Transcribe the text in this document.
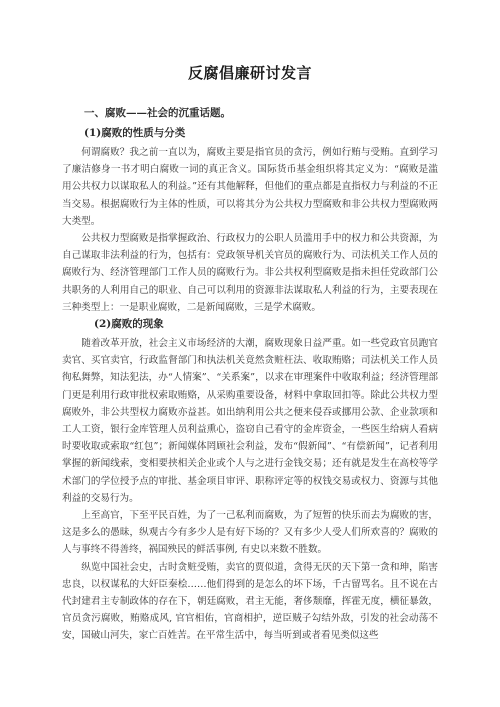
反腐倡廉研讨发言
一、腐败——社会的沉重话题。
(1)腐败的性质与分类

何谓腐败？我之前一直以为，腐败主要是指官员的贪污，例如行贿与受贿。直到学习了廉洁修身一书才明白腐败一词的真正含义。国际货币基金组织将其定义为：“腐败是滥用公共权力以谋取私人的利益。”还有其他解释，但他们的重点都是直指权力与利益的不正当交易。根据腐败行为主体的性质，可以将其分为公共权力型腐败和非公共权力型腐败两大类型。

公共权力型腐败是指掌握政治、行政权力的公职人员滥用手中的权力和公共资源，为自己谋取非法利益的行为，包括有：党政领导机关官员的腐败行为、司法机关工作人员的腐败行为、经济管理部门工作人员的腐败行为。非公共权利型腐败是指未担任党政部门公共职务的人利用自己的职业、自己可以利用的资源非法谋取私人利益的行为，主要表现在三种类型上：一是职业腐败，二是新闻腐败，三是学术腐败。

(2)腐败的现象

随着改革开放，社会主义市场经济的大潮，腐败现象日益严重。如一些党政官员跑官卖官、买官卖官，行政监督部门和执法机关竟然贪赃枉法、收取贿赂；司法机关工作人员徇私舞弊，知法犯法，办“人情案”、“关系案”，以求在审理案件中收取利益；经济管理部门更是利用行政审批权索取贿赂，从采购重要设备，材料中拿取回扣等。除此公共权力型腐败外，非公共型权力腐败亦益甚。如出纳利用公共之便来侵吞或挪用公款、企业款项和工人工资，银行金库管理人员利益熏心，盗窃自己看守的金库资金，一些医生给病人看病时要收取或索取“红包”；新闻媒体罔顾社会利益，发布“假新闻”、“有偿新闻”，记者利用掌握的新闻线索，变相要挟相关企业或个人与之进行金钱交易；还有就是发生在高校等学术部门的学位授予点的审批、基金项目审评、职称评定等的权钱交易或权力、资源与其他利益的交易行为。

上至高官，下至平民百姓，为了一己私利而腐败，为了短暂的快乐而去为腐败的害，这是多么的愚昧，纵观古今有多少人是有好下场的？又有多少人受人们所欢喜的？腐败的人与事终不得善终，祸国殃民的鲜活事例, 有史以来数不胜数。

纵览中国社会史，古时贪赃受贿，卖官的贾似道，贪得无厌的天下第一贪和珅，陷害忠良，以权谋私的大奸臣秦桧……他们得到的是怎么的坏下场，千古留骂名。且不说在古代封建君主专制政体的存在下，朝廷腐败，君主无能，奢侈颓靡，挥霍无度，横征暴敛，官员贪污腐败，贿赂成风, 官官相佑，官商相护，逆臣贼子勾结外敌，引发的社会动荡不安，国破山河失，家亡百姓苦。在平常生活中，每当听到或者看见类似这些
